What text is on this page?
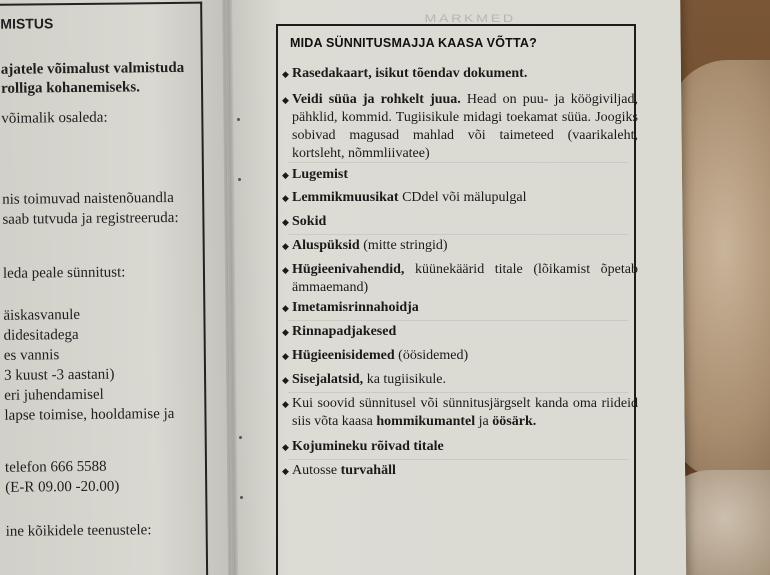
MISTUS
ajatele võimalust valmistuda
rolliga kohanemiseks.
võimalik osaleda:
nis toimuvad naistenõuandla
saab tutvuda ja registreeruda:
leda peale sünnitust:
äiskasvanule
didesitadega
es vannis
3 kuust -3 aastani)
eri juhendamisel
lapse toimise, hooldamise ja
telefon 666 5588
(E-R 09.00 -20.00)
ine kõikidele teenustele:
MÄRKMED
MIDA SÜNNITUSMAJJA KAASA VÕTTA?
◆ Rasedakaart, isikut tõendav dokument.
◆ Veidi süüa ja rohkelt juua. Head on puu- ja köögiviljad, pähklid, kommid. Tugiisikule midagi toekamat süüa. Joogiks sobivad magusad mahlad või taimeteed (vaarikaleht, kortsleht, nõmmliivatee)
◆ Lugemist
◆ Lemmikmuusikat CDdel või mälupulgal
◆ Sokid
◆ Aluspüksid (mitte stringid)
◆ Hügieenivahendid, küünekäärid titale (lõikamist õpetab ämmaemand)
◆ Imetamisrinnahoidja
◆ Rinnapadjakesed
◆ Hügieenisidemed (öösidemed)
◆ Sisejalatsid, ka tugiisikule.
◆ Kui soovid sünnitusel või sünnitusjärgselt kanda oma riideid siis võta kaasa hommikumantel ja öösärk.
◆ Kojumineku rõivad titale
◆ Autosse turvahäll
